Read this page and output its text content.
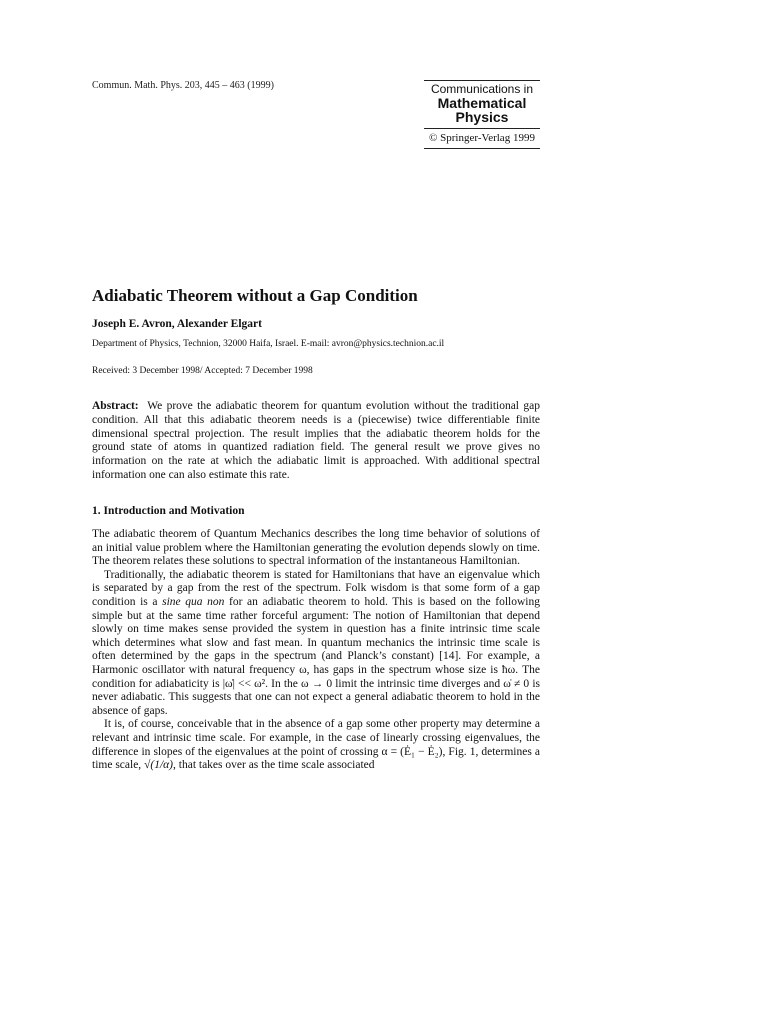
Commun. Math. Phys. 203, 445 – 463 (1999)	Communications in
Mathematical
Physics
© Springer-Verlag 1999
Adiabatic Theorem without a Gap Condition
Joseph E. Avron, Alexander Elgart
Department of Physics, Technion, 32000 Haifa, Israel. E-mail: avron@physics.technion.ac.il
Received: 3 December 1998/ Accepted: 7 December 1998

Abstract: We prove the adiabatic theorem for quantum evolution without the traditional gap condition. All that this adiabatic theorem needs is a (piecewise) twice differentiable finite dimensional spectral projection. The result implies that the adiabatic theorem holds for the ground state of atoms in quantized radiation field. The general result we prove gives no information on the rate at which the adiabatic limit is approached. With additional spectral information one can also estimate this rate.

1. Introduction and Motivation

The adiabatic theorem of Quantum Mechanics describes the long time behavior of solutions of an initial value problem where the Hamiltonian generating the evolution depends slowly on time. The theorem relates these solutions to spectral information of the instantaneous Hamiltonian.

Traditionally, the adiabatic theorem is stated for Hamiltonians that have an eigenvalue which is separated by a gap from the rest of the spectrum. Folk wisdom is that some form of a gap condition is a sine qua non for an adiabatic theorem to hold. This is based on the following simple but at the same time rather forceful argument: The notion of Hamiltonian that depend slowly on time makes sense provided the system in question has a finite intrinsic time scale which determines what slow and fast mean. In quantum mechanics the intrinsic time scale is often determined by the gaps in the spectrum (and Planck’s constant) [14]. For example, a Harmonic oscillator with natural frequency ω, has gaps in the spectrum whose size is ħω. The condition for adiabaticity is |ω̇| << ω². In the ω → 0 limit the intrinsic time diverges and ω̇ ≠ 0 is never adiabatic. This suggests that one can not expect a general adiabatic theorem to hold in the absence of gaps.

It is, of course, conceivable that in the absence of a gap some other property may determine a relevant and intrinsic time scale. For example, in the case of linearly crossing eigenvalues, the difference in slopes of the eigenvalues at the point of crossing α = (Ė₁ − Ė₂), Fig. 1, determines a time scale, √(1/α), that takes over as the time scale associated
